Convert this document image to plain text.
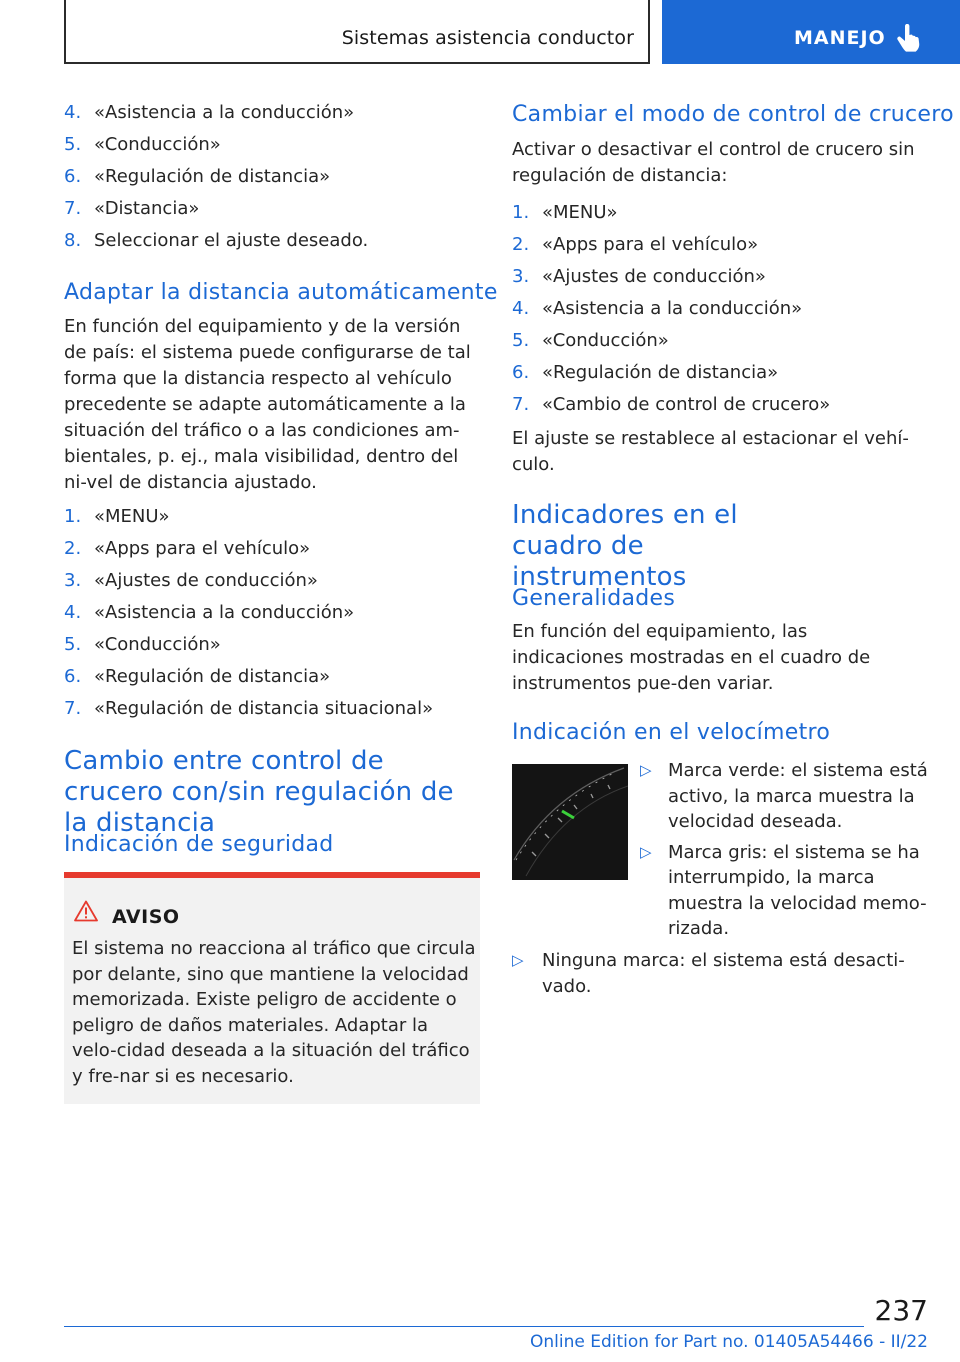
Sistemas asistencia conductor	MANEJO
4. «Asistencia a la conducción»
5. «Conducción»
6. «Regulación de distancia»
7. «Distancia»
8. Seleccionar el ajuste deseado.
Adaptar la distancia automáticamente

En función del equipamiento y de la versión de país: el sistema puede configurarse de tal forma que la distancia respecto al vehículo precedente se adapte automáticamente a la situación del tráfico o a las condiciones am-bientales, p. ej., mala visibilidad, dentro del ni-vel de distancia ajustado.

1. «MENU»
2. «Apps para el vehículo»
3. «Ajustes de conducción»
4. «Asistencia a la conducción»
5. «Conducción»
6. «Regulación de distancia»
7. «Regulación de distancia situacional»
Cambio entre control de crucero con/sin regulación de la distancia
Indicación de seguridad
AVISO

El sistema no reacciona al tráfico que circula por delante, sino que mantiene la velocidad memorizada. Existe peligro de accidente o peligro de daños materiales. Adaptar la velo-cidad deseada a la situación del tráfico y fre-nar si es necesario.

Cambiar el modo de control de crucero

Activar o desactivar el control de crucero sin regulación de distancia:

1. «MENU»
2. «Apps para el vehículo»
3. «Ajustes de conducción»
4. «Asistencia a la conducción»
5. «Conducción»
6. «Regulación de distancia»
7. «Cambio de control de crucero»

El ajuste se restablece al estacionar el vehí-culo.

Indicadores en el cuadro de instrumentos
Generalidades

En función del equipamiento, las indicaciones mostradas en el cuadro de instrumentos pue-den variar.

Indicación en el velocímetro
▷ Marca verde: el sistema está activo, la marca muestra la velocidad deseada.
▷ Marca gris: el sistema se ha interrumpido, la marca muestra la velocidad memo-rizada.
▷ Ninguna marca: el sistema está desacti-vado.
237
Online Edition for Part no. 01405A54466 - II/22
